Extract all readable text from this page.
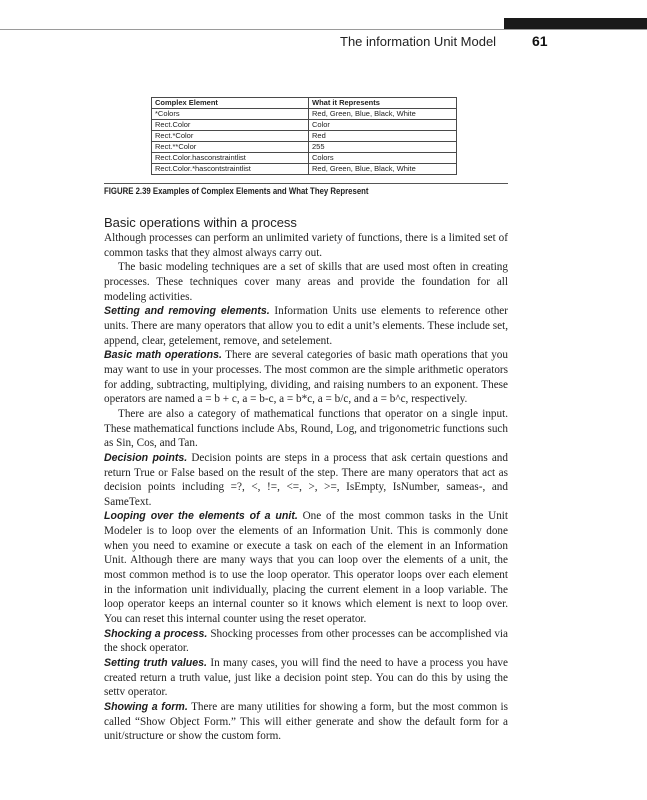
The information Unit Model	61
Complex Element	What it Represents
*Colors	Red, Green, Blue, Black, White
Rect.Color	Color
Rect.*Color	Red
Rect.**Color	255
Rect.Color.hasconstraintlist	Colors
Rect.Color.*hascontstraintlist	Red, Green, Blue, Black, White
FIGURE 2.39 Examples of Complex Elements and What They Represent
Basic operations within a process

Although processes can perform an unlimited variety of functions, there is a limited set of common tasks that they almost always carry out.

The basic modeling techniques are a set of skills that are used most often in creating processes. These techniques cover many areas and provide the foundation for all modeling activities.

Setting and removing elements. Information Units use elements to reference other units. There are many operators that allow you to edit a unit’s elements. These include set, append, clear, getelement, remove, and setelement.

Basic math operations. There are several categories of basic math operations that you may want to use in your processes. The most common are the simple arithmetic operators for adding, subtracting, multiplying, dividing, and raising numbers to an exponent. These operators are named a = b + c, a = b-c, a = b*c, a = b/c, and a = b^c, respectively.

There are also a category of mathematical functions that operator on a single input. These mathematical functions include Abs, Round, Log, and trigonometric functions such as Sin, Cos, and Tan.

Decision points. Decision points are steps in a process that ask certain questions and return True or False based on the result of the step. There are many operators that act as decision points including =?, <, !=, <=, >, >=, IsEmpty, IsNumber, sameas-, and SameText.

Looping over the elements of a unit. One of the most common tasks in the Unit Modeler is to loop over the elements of an Information Unit. This is commonly done when you need to examine or execute a task on each of the element in an Information Unit. Although there are many ways that you can loop over the elements of a unit, the most common method is to use the loop operator. This operator loops over each element in the information unit individually, placing the current element in a loop variable. The loop operator keeps an internal counter so it knows which element is next to loop over. You can reset this internal counter using the reset operator.

Shocking a process. Shocking processes from other processes can be accomplished via the shock operator.

Setting truth values. In many cases, you will find the need to have a process you have created return a truth value, just like a decision point step. You can do this by using the settv operator.

Showing a form. There are many utilities for showing a form, but the most common is called “Show Object Form.” This will either generate and show the default form for a unit/structure or show the custom form.
